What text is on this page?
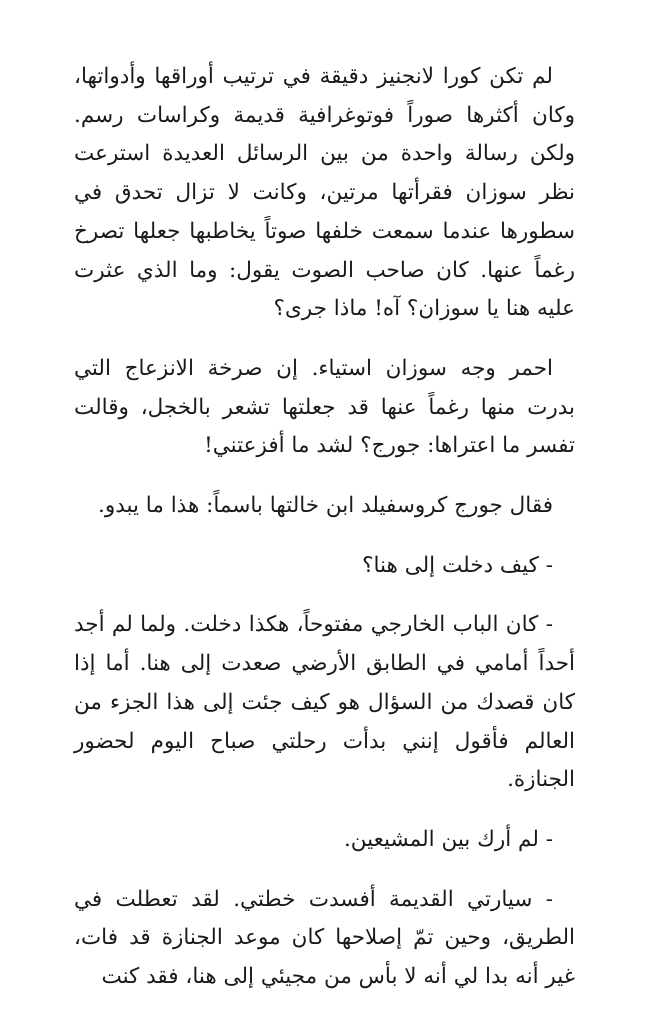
لم تكن كورا لانجنيز دقيقة في ترتيب أوراقها وأدواتها، وكان أكثرها صوراً فوتوغرافية قديمة وكراسات رسم. ولكن رسالة واحدة من بين الرسائل العديدة استرعت نظر سوزان فقرأتها مرتين، وكانت لا تزال تحدق في سطورها عندما سمعت خلفها صوتاً يخاطبها جعلها تصرخ رغماً عنها. كان صاحب الصوت يقول: وما الذي عثرت عليه هنا يا سوزان؟ آه! ماذا جرى؟

احمر وجه سوزان استياء. إن صرخة الانزعاج التي بدرت منها رغماً عنها قد جعلتها تشعر بالخجل، وقالت تفسر ما اعتراها: جورج؟ لشد ما أفزعتني!

فقال جورج كروسفيلد ابن خالتها باسماً: هذا ما يبدو.

- كيف دخلت إلى هنا؟

- كان الباب الخارجي مفتوحاً، هكذا دخلت. ولما لم أجد أحداً أمامي في الطابق الأرضي صعدت إلى هنا. أما إذا كان قصدك من السؤال هو كيف جئت إلى هذا الجزء من العالم فأقول إنني بدأت رحلتي صباح اليوم لحضور الجنازة.

- لم أرك بين المشيعين.

- سيارتي القديمة أفسدت خطتي. لقد تعطلت في الطريق، وحين تمّ إصلاحها كان موعد الجنازة قد فات، غير أنه بدا لي أنه لا بأس من مجيئي إلى هنا، فقد كنت
